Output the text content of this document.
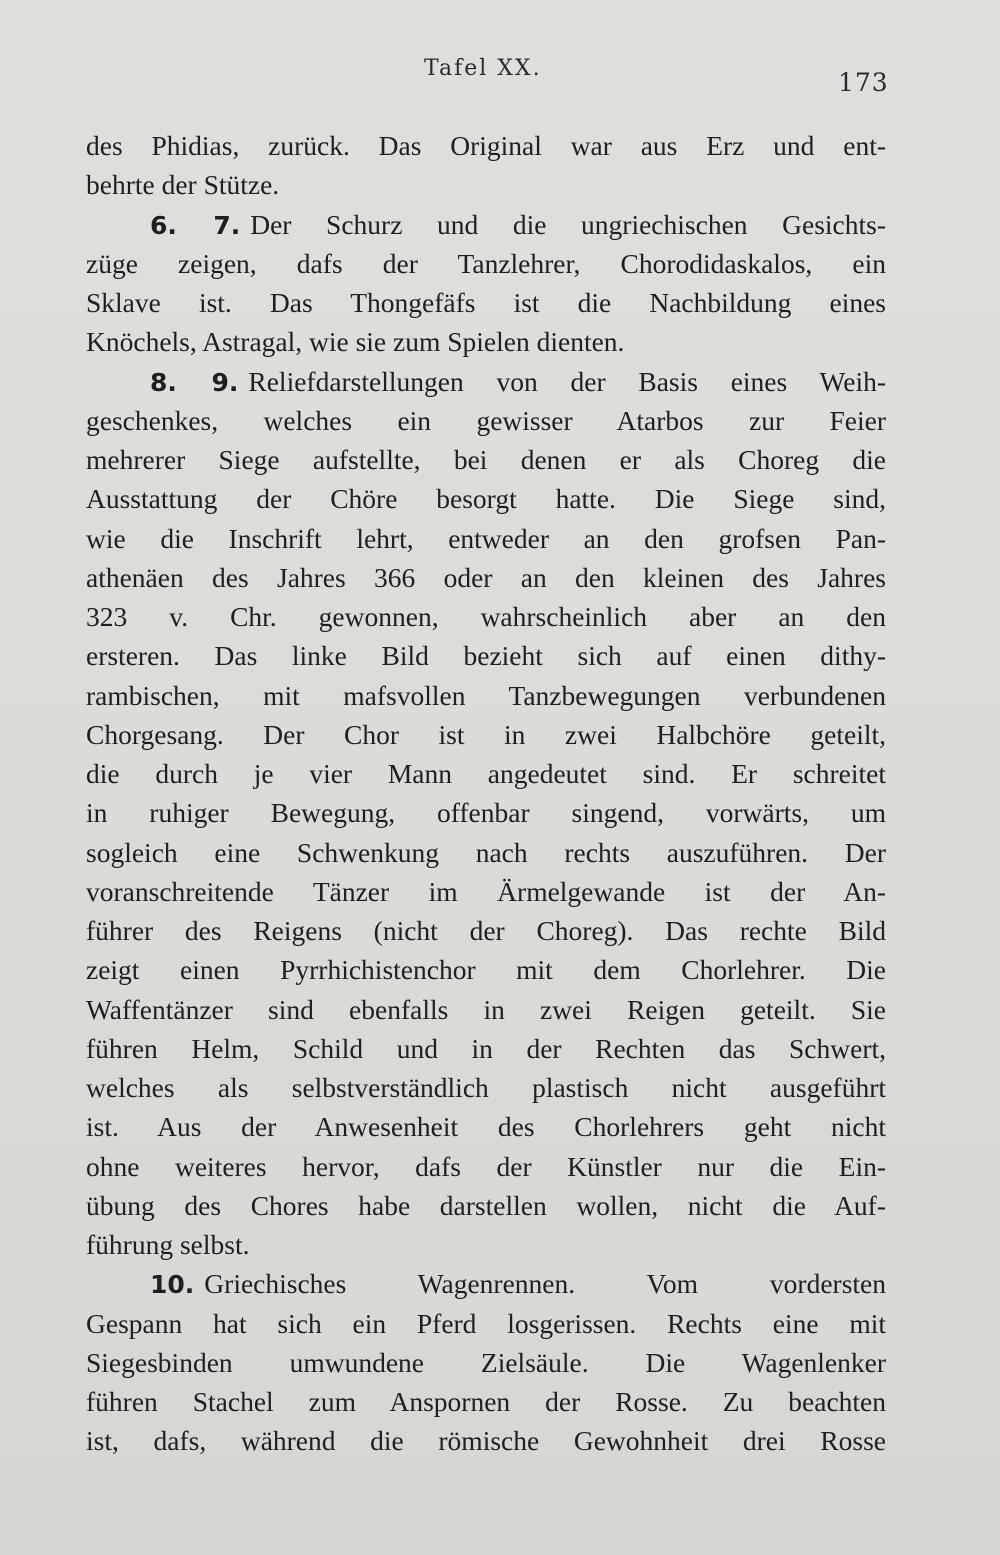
Tafel XX.	173
des Phidias, zurück. Das Original war aus Erz und ent-
behrte der Stütze.
6. 7. Der Schurz und die ungriechischen Gesichts-
züge zeigen, dafs der Tanzlehrer, Chorodidaskalos, ein
Sklave ist. Das Thongefäfs ist die Nachbildung eines
Knöchels, Astragal, wie sie zum Spielen dienten.
8. 9. Reliefdarstellungen von der Basis eines Weih-
geschenkes, welches ein gewisser Atarbos zur Feier
mehrerer Siege aufstellte, bei denen er als Choreg die
Ausstattung der Chöre besorgt hatte. Die Siege sind,
wie die Inschrift lehrt, entweder an den grofsen Pan-
athenäen des Jahres 366 oder an den kleinen des Jahres
323 v. Chr. gewonnen, wahrscheinlich aber an den
ersteren. Das linke Bild bezieht sich auf einen dithy-
rambischen, mit mafsvollen Tanzbewegungen verbundenen
Chorgesang. Der Chor ist in zwei Halbchöre geteilt,
die durch je vier Mann angedeutet sind. Er schreitet
in ruhiger Bewegung, offenbar singend, vorwärts, um
sogleich eine Schwenkung nach rechts auszuführen. Der
voranschreitende Tänzer im Ärmelgewande ist der An-
führer des Reigens (nicht der Choreg). Das rechte Bild
zeigt einen Pyrrhichistenchor mit dem Chorlehrer. Die
Waffentänzer sind ebenfalls in zwei Reigen geteilt. Sie
führen Helm, Schild und in der Rechten das Schwert,
welches als selbstverständlich plastisch nicht ausgeführt
ist. Aus der Anwesenheit des Chorlehrers geht nicht
ohne weiteres hervor, dafs der Künstler nur die Ein-
übung des Chores habe darstellen wollen, nicht die Auf-
führung selbst.
10. Griechisches Wagenrennen. Vom vordersten
Gespann hat sich ein Pferd losgerissen. Rechts eine mit
Siegesbinden umwundene Zielsäule. Die Wagenlenker
führen Stachel zum Anspornen der Rosse. Zu beachten
ist, dafs, während die römische Gewohnheit drei Rosse
